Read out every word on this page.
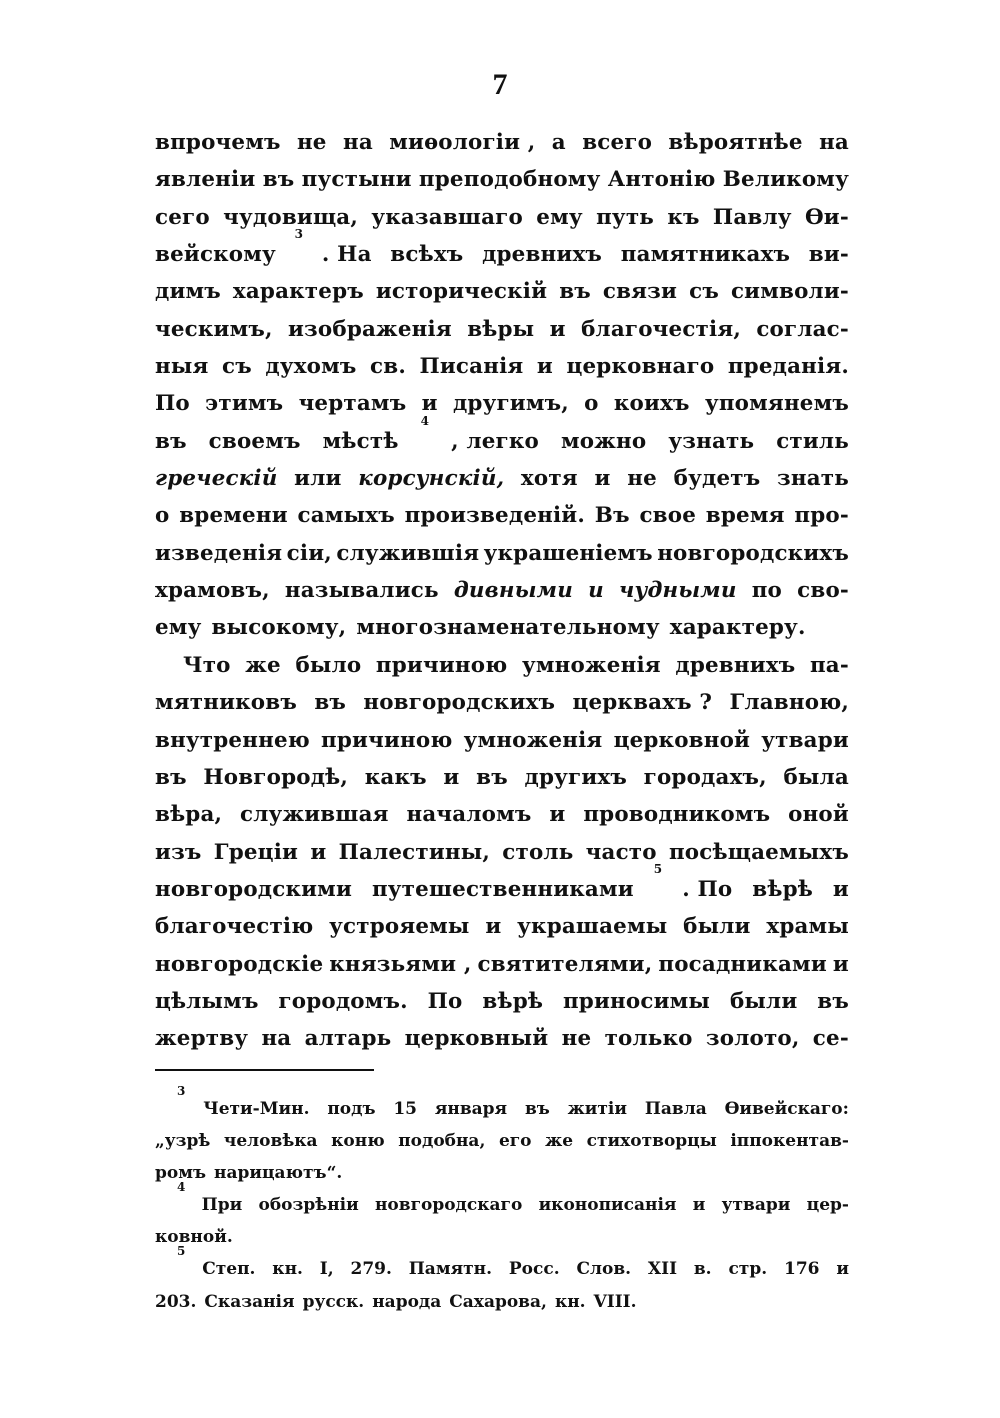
7
впрочемъ не на миѳологіи , а всего вѣроятнѣе на
явленіи въ пустыни преподобному Антонію Великому
сего чудовища, указавшаго ему путь къ Павлу Ѳи-
вейскому
$^3$
. На всѣхъ древнихъ памятникахъ ви-
димъ характеръ историческій въ связи съ символи-
ческимъ, изображенія вѣры и благочестія, соглас-
ныя съ духомъ св. Писанія и церковнаго преданія.
По этимъ чертамъ и другимъ, о коихъ упомянемъ
въ своемъ мѣстѣ
$^4$
, легко можно узнать стиль
греческій или корсунскій, хотя и не будетъ знать
о времени самыхъ произведеній. Въ свое время про-
изведенія сіи, служившія украшеніемъ новгородскихъ
храмовъ, назывались дивными и чудными по сво-
ему высокому, многознаменательному характеру.
Что же было причиною умноженія древнихъ па-
мятниковъ въ новгородскихъ церквахъ ? Главною,
внутреннею причиною умноженія церковной утвари
въ Новгородѣ, какъ и въ другихъ городахъ, была
вѣра, служившая началомъ и проводникомъ оной
изъ Греціи и Палестины, столь часто посѣщаемыхъ
новгородскими путешественниками
$^5$
. По вѣрѣ и
благочестію устрояемы и украшаемы были храмы
новгородскіе князьями , святителями, посадниками и
цѣлымъ городомъ. По вѣрѣ приносимы были въ
жертву на алтарь церковный не только золото, се-
$^3$
Чети-Мин. подъ 15 января въ житіи Павла Ѳивейскаго:
„узрѣ человѣка коню подобна, его же стихотворцы іппокентав-
ромъ нарицаютъ“.
$^4$
При обозрѣніи новгородскаго иконописанія и утвари цер-
ковной.
$^5$
Степ. кн. I, 279. Памятн. Росс. Слов. XII в. стр. 176 и
203. Сказанія русск. народа Сахарова, кн. VIII.
